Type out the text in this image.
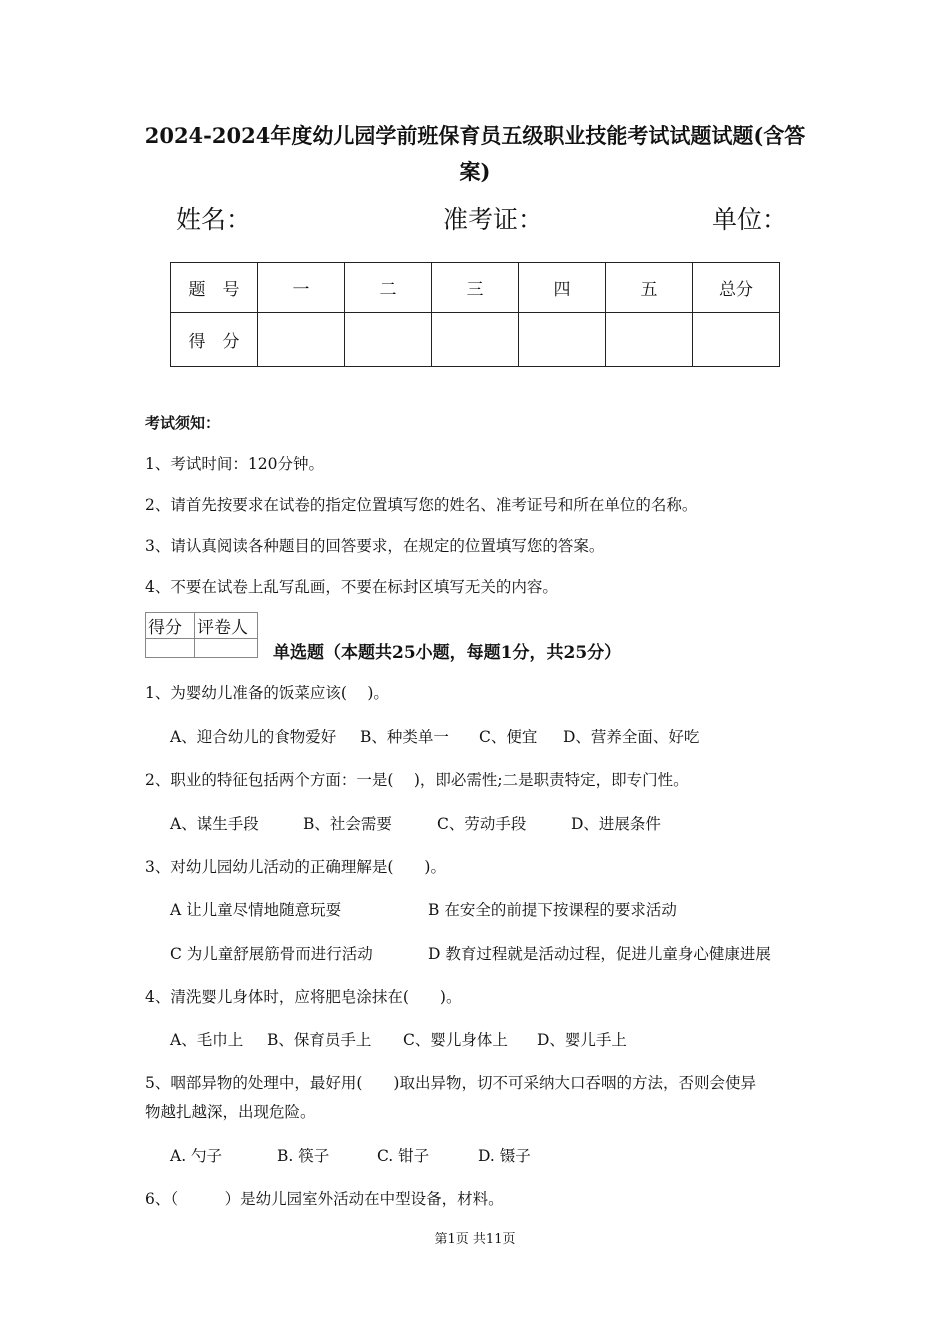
2024-2024年度幼儿园学前班保育员五级职业技能考试试题试题(含答案)
姓名：	准考证：	单位：
题　号	一	二	三	四	五	总分
得　分						
考试须知：
1、考试时间：120分钟。
2、请首先按要求在试卷的指定位置填写您的姓名、准考证号和所在单位的名称。
3、请认真阅读各种题目的回答要求，在规定的位置填写您的答案。
4、不要在试卷上乱写乱画，不要在标封区填写无关的内容。
得分	评卷人

单选题（本题共25小题，每题1分，共25分）
1、为婴幼儿准备的饭菜应该(　 )。
A、迎合幼儿的食物爱好 B、种类单一 C、便宜 D、营养全面、好吃
2、职业的特征包括两个方面：一是(　 )，即必需性;二是职责特定，即专门性。
A、谋生手段	B、社会需要	C、劳动手段	D、进展条件
3、对幼儿园幼儿活动的正确理解是(　　)。
A 让儿童尽情地随意玩耍	B 在安全的前提下按课程的要求活动
C 为儿童舒展筋骨而进行活动	D 教育过程就是活动过程，促进儿童身心健康进展
4、清洗婴儿身体时，应将肥皂涂抹在(　　)。
A、毛巾上 B、保育员手上 C、婴儿身体上 D、婴儿手上
5、咽部异物的处理中，最好用(　　)取出异物，切不可采纳大口吞咽的方法，否则会使异
物越扎越深，出现危险。
A. 勺子	B. 筷子	C. 钳子	D. 镊子
6、（　　　）是幼儿园室外活动在中型设备，材料。
第1页 共11页
